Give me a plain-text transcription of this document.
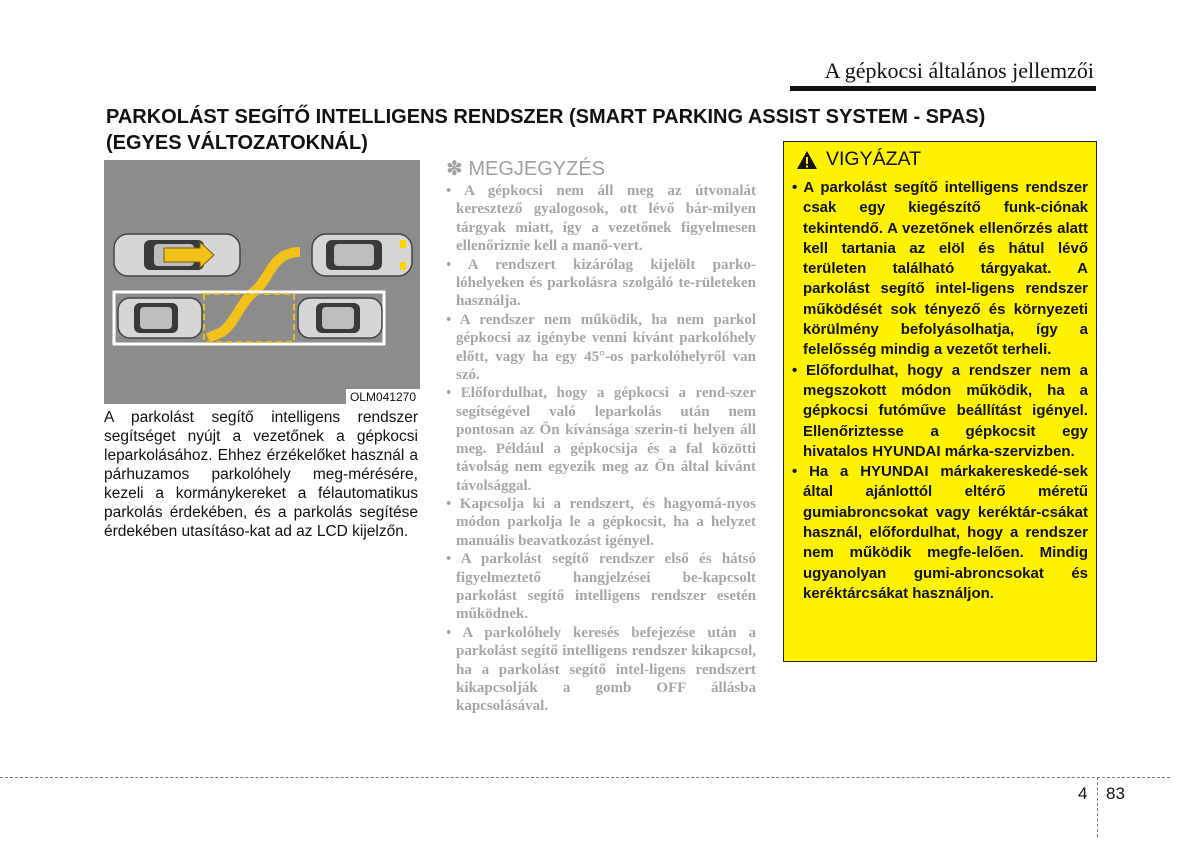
A gépkocsi általános jellemzői
PARKOLÁST SEGÍTŐ INTELLIGENS RENDSZER (SMART PARKING ASSIST SYSTEM - SPAS) (EGYES VÁLTOZATOKNÁL)
OLM041270
A parkolást segítő intelligens rendszer segítséget nyújt a vezetőnek a gépkocsi leparkolásához. Ehhez érzékelőket használ a párhuzamos parkolóhely meg-mérésére, kezeli a kormánykereket a félautomatikus parkolás érdekében, és a parkolás segítése érdekében utasításo-kat ad az LCD kijelzőn.
✽ MEGJEGYZÉS
• A gépkocsi nem áll meg az útvonalát keresztező gyalogosok, ott lévő bár-milyen tárgyak miatt, így a vezetőnek figyelmesen ellenőriznie kell a manő-vert.
• A rendszert kizárólag kijelölt parko-lóhelyeken és parkolásra szolgáló te-rületeken használja.
• A rendszer nem működik, ha nem parkol gépkocsi az igénybe venni kívánt parkolóhely előtt, vagy ha egy 45°-os parkolóhelyről van szó.
• Előfordulhat, hogy a gépkocsi a rend-szer segítségével való leparkolás után nem pontosan az Ön kívánsága szerin-ti helyen áll meg. Például a gépkocsija és a fal közötti távolság nem egyezik meg az Ön által kívánt távolsággal.
• Kapcsolja ki a rendszert, és hagyomá-nyos módon parkolja le a gépkocsit, ha a helyzet manuális beavatkozást igényel.
• A parkolást segítő rendszer első és hátsó figyelmeztető hangjelzései be-kapcsolt parkolást segítő intelligens rendszer esetén működnek.
• A parkolóhely keresés befejezése után a parkolást segítő intelligens rendszer kikapcsol, ha a parkolást segítő intel-ligens rendszert kikapcsolják a gomb OFF állásba kapcsolásával.
VIGYÁZAT
• A parkolást segítő intelligens rendszer csak egy kiegészítő funk-ciónak tekintendő. A vezetőnek ellenőrzés alatt kell tartania az elöl és hátul lévő területen található tárgyakat. A parkolást segítő intel-ligens rendszer működését sok tényező és környezeti körülmény befolyásolhatja, így a felelősség mindig a vezetőt terheli.
• Előfordulhat, hogy a rendszer nem a megszokott módon működik, ha a gépkocsi futóműve beállítást igényel. Ellenőriztesse a gépkocsit egy hivatalos HYUNDAI márka-szervizben.
• Ha a HYUNDAI márkakereskedé-sek által ajánlottól eltérő méretű gumiabroncsokat vagy keréktár-csákat használ, előfordulhat, hogy a rendszer nem működik megfe-lelően. Mindig ugyanolyan gumi-abroncsokat és keréktárcsákat használjon.
4 83
